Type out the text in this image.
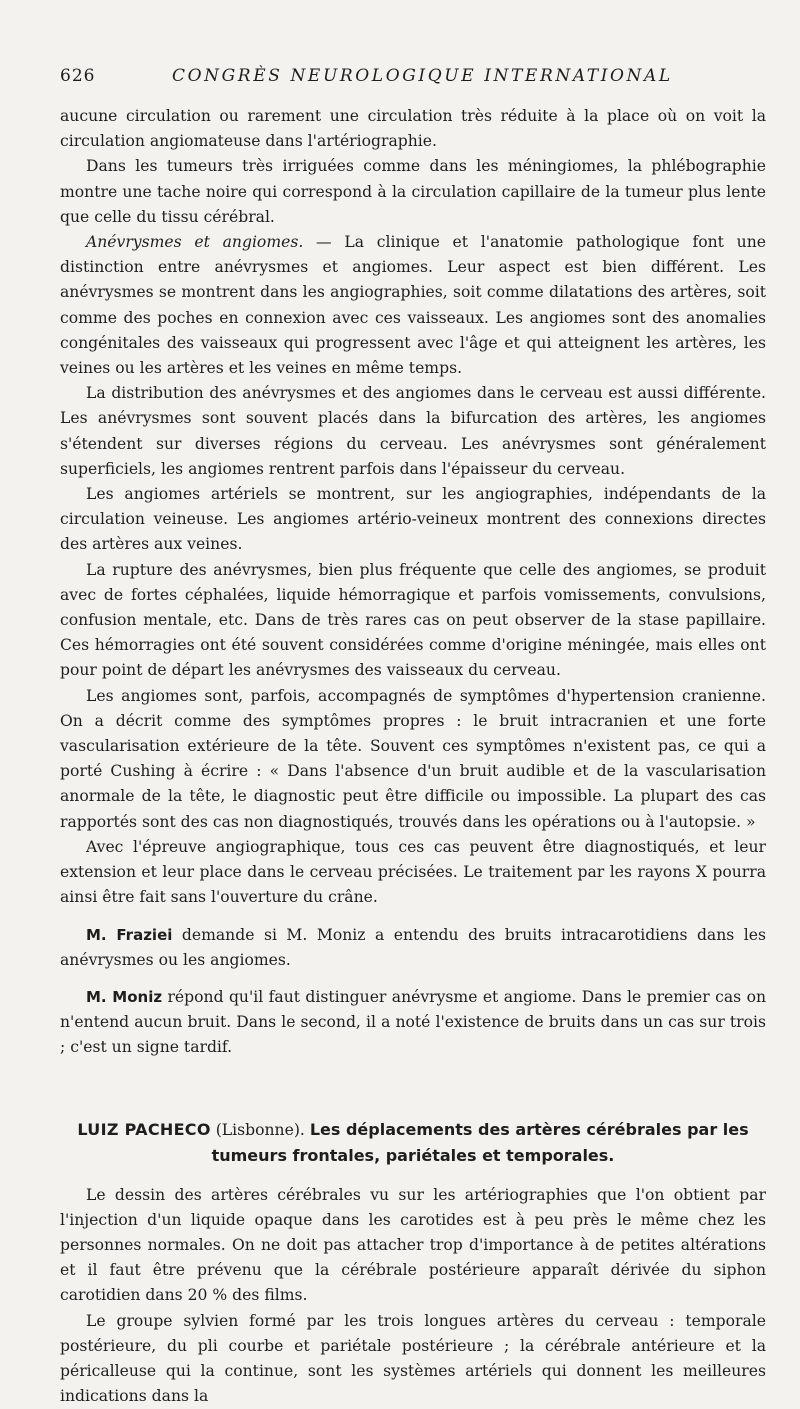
626	CONGRÈS NEUROLOGIQUE INTERNATIONAL

aucune circulation ou rarement une circulation très réduite à la place où on voit la circulation angiomateuse dans l'artériographie.

Dans les tumeurs très irriguées comme dans les méningiomes, la phlébographie montre une tache noire qui correspond à la circulation capillaire de la tumeur plus lente que celle du tissu cérébral.

Anévrysmes et angiomes. — La clinique et l'anatomie pathologique font une distinction entre anévrysmes et angiomes. Leur aspect est bien différent. Les anévrysmes se montrent dans les angiographies, soit comme dilatations des artères, soit comme des poches en connexion avec ces vaisseaux. Les angiomes sont des anomalies congénitales des vaisseaux qui progressent avec l'âge et qui atteignent les artères, les veines ou les artères et les veines en même temps.

La distribution des anévrysmes et des angiomes dans le cerveau est aussi différente. Les anévrysmes sont souvent placés dans la bifurcation des artères, les angiomes s'étendent sur diverses régions du cerveau. Les anévrysmes sont généralement superficiels, les angiomes rentrent parfois dans l'épaisseur du cerveau.

Les angiomes artériels se montrent, sur les angiographies, indépendants de la circulation veineuse. Les angiomes artério-veineux montrent des connexions directes des artères aux veines.

La rupture des anévrysmes, bien plus fréquente que celle des angiomes, se produit avec de fortes céphalées, liquide hémorragique et parfois vomissements, convulsions, confusion mentale, etc. Dans de très rares cas on peut observer de la stase papillaire. Ces hémorragies ont été souvent considérées comme d'origine méningée, mais elles ont pour point de départ les anévrysmes des vaisseaux du cerveau.

Les angiomes sont, parfois, accompagnés de symptômes d'hypertension cranienne. On a décrit comme des symptômes propres : le bruit intracranien et une forte vascularisation extérieure de la tête. Souvent ces symptômes n'existent pas, ce qui a porté Cushing à écrire : « Dans l'absence d'un bruit audible et de la vascularisation anormale de la tête, le diagnostic peut être difficile ou impossible. La plupart des cas rapportés sont des cas non diagnostiqués, trouvés dans les opérations ou à l'autopsie. »

Avec l'épreuve angiographique, tous ces cas peuvent être diagnostiqués, et leur extension et leur place dans le cerveau précisées. Le traitement par les rayons X pourra ainsi être fait sans l'ouverture du crâne.

M. Fraziei demande si M. Moniz a entendu des bruits intracarotidiens dans les anévrysmes ou les angiomes.

M. Moniz répond qu'il faut distinguer anévrysme et angiome. Dans le premier cas on n'entend aucun bruit. Dans le second, il a noté l'existence de bruits dans un cas sur trois ; c'est un signe tardif.

LUIZ PACHECO (Lisbonne). Les déplacements des artères cérébrales par les tumeurs frontales, pariétales et temporales.

Le dessin des artères cérébrales vu sur les artériographies que l'on obtient par l'injection d'un liquide opaque dans les carotides est à peu près le même chez les personnes normales. On ne doit pas attacher trop d'importance à de petites altérations et il faut être prévenu que la cérébrale postérieure apparaît dérivée du siphon carotidien dans 20 % des films.

Le groupe sylvien formé par les trois longues artères du cerveau : temporale postérieure, du pli courbe et pariétale postérieure ; la cérébrale antérieure et la péricalleuse qui la continue, sont les systèmes artériels qui donnent les meilleures indications dans la
